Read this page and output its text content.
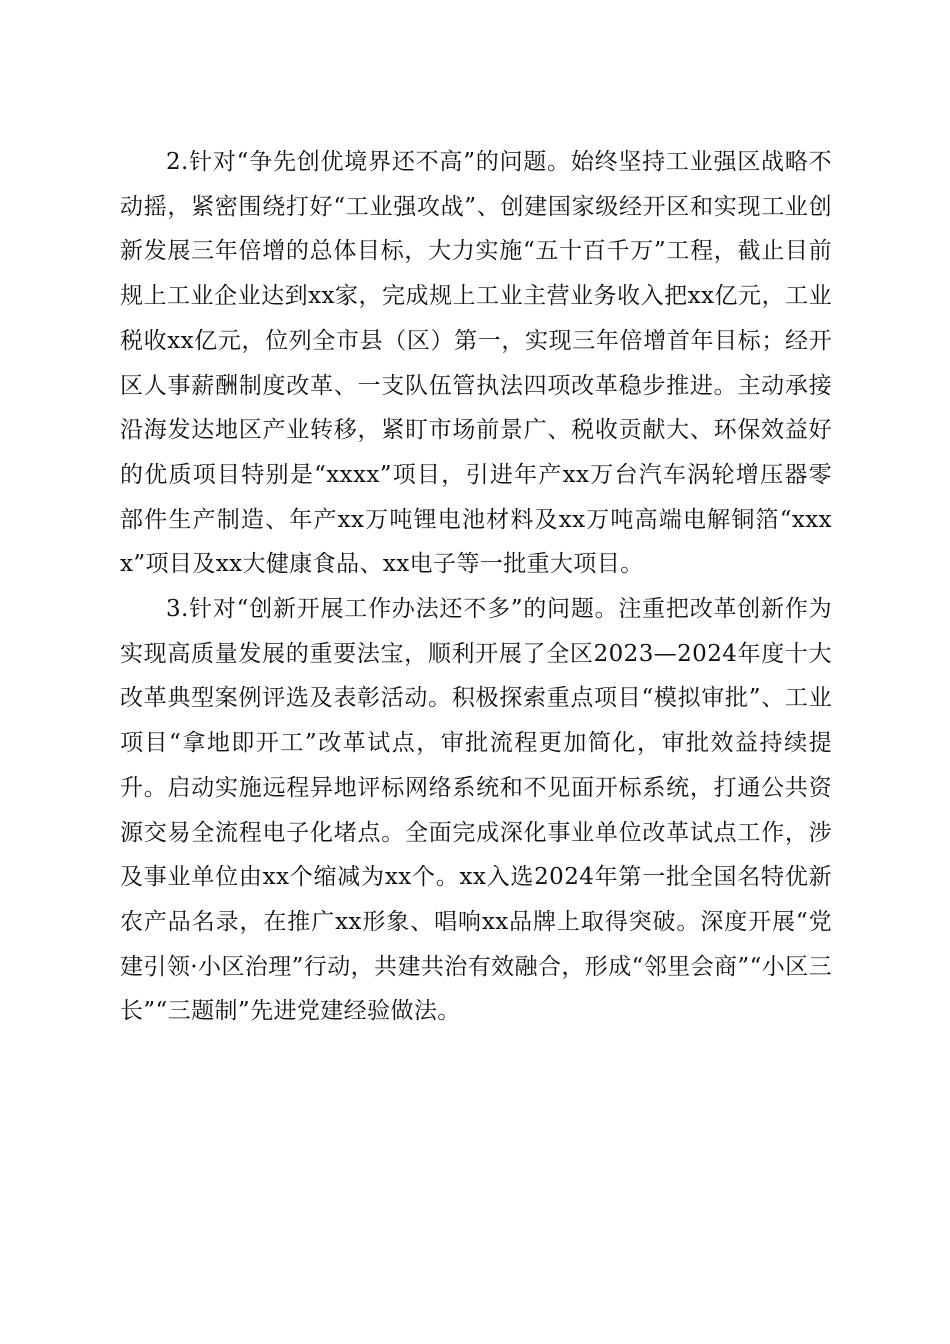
2.针对“争先创优境界还不高”的问题。始终坚持工业强区战略不动摇，紧密围绕打好“工业强攻战”、创建国家级经开区和实现工业创新发展三年倍增的总体目标，大力实施“五十百千万”工程，截止目前规上工业企业达到xx家，完成规上工业主营业务收入把xx亿元，工业税收xx亿元，位列全市县（区）第一，实现三年倍增首年目标；经开区人事薪酬制度改革、一支队伍管执法四项改革稳步推进。主动承接沿海发达地区产业转移，紧盯市场前景广、税收贡献大、环保效益好的优质项目特别是“xxxx”项目，引进年产xx万台汽车涡轮增压器零部件生产制造、年产xx万吨锂电池材料及xx万吨高端电解铜箔“xxxx”项目及xx大健康食品、xx电子等一批重大项目。

3.针对“创新开展工作办法还不多”的问题。注重把改革创新作为实现高质量发展的重要法宝，顺利开展了全区2023—2024年度十大改革典型案例评选及表彰活动。积极探索重点项目“模拟审批”、工业项目“拿地即开工”改革试点，审批流程更加简化，审批效益持续提升。启动实施远程异地评标网络系统和不见面开标系统，打通公共资源交易全流程电子化堵点。全面完成深化事业单位改革试点工作，涉及事业单位由xx个缩减为xx个。xx入选2024年第一批全国名特优新农产品名录，在推广xx形象、唱响xx品牌上取得突破。深度开展“党建引领·小区治理”行动，共建共治有效融合，形成“邻里会商”“小区三长”“三题制”先进党建经验做法。
